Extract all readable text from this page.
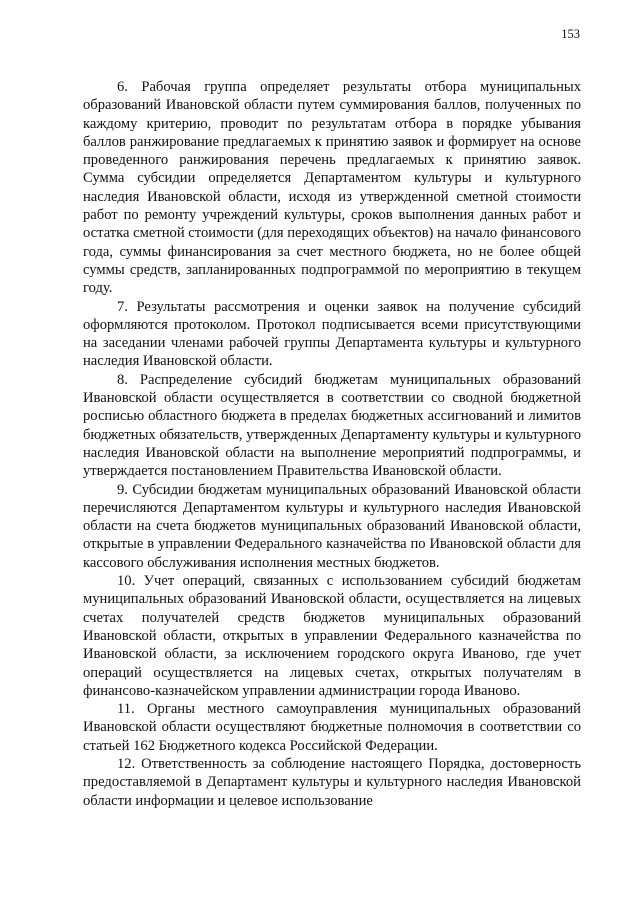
153

6. Рабочая группа определяет результаты отбора муниципальных образований Ивановской области путем суммирования баллов, полученных по каждому критерию, проводит по результатам отбора в порядке убывания баллов ранжирование предлагаемых к принятию заявок и формирует на основе проведенного ранжирования перечень предлагаемых к принятию заявок. Сумма субсидии определяется Департаментом культуры и культурного наследия Ивановской области, исходя из утвержденной сметной стоимости работ по ремонту учреждений культуры, сроков выполнения данных работ и остатка сметной стоимости (для переходящих объектов) на начало финансового года, суммы финансирования за счет местного бюджета, но не более общей суммы средств, запланированных подпрограммой по мероприятию в текущем году.

7. Результаты рассмотрения и оценки заявок на получение субсидий оформляются протоколом. Протокол подписывается всеми присутствующими на заседании членами рабочей группы Департамента культуры и культурного наследия Ивановской области.

8. Распределение субсидий бюджетам муниципальных образований Ивановской области осуществляется в соответствии со сводной бюджетной росписью областного бюджета в пределах бюджетных ассигнований и лимитов бюджетных обязательств, утвержденных Департаменту культуры и культурного наследия Ивановской области на выполнение мероприятий подпрограммы, и утверждается постановлением Правительства Ивановской области.

9. Субсидии бюджетам муниципальных образований Ивановской области перечисляются Департаментом культуры и культурного наследия Ивановской области на счета бюджетов муниципальных образований Ивановской области, открытые в управлении Федерального казначейства по Ивановской области для кассового обслуживания исполнения местных бюджетов.

10. Учет операций, связанных с использованием субсидий бюджетам муниципальных образований Ивановской области, осуществляется на лицевых счетах получателей средств бюджетов муниципальных образований Ивановской области, открытых в управлении Федерального казначейства по Ивановской области, за исключением городского округа Иваново, где учет операций осуществляется на лицевых счетах, открытых получателям в финансово-казначейском управлении администрации города Иваново.

11. Органы местного самоуправления муниципальных образований Ивановской области осуществляют бюджетные полномочия в соответствии со статьей 162 Бюджетного кодекса Российской Федерации.

12. Ответственность за соблюдение настоящего Порядка, достоверность предоставляемой в Департамент культуры и культурного наследия Ивановской области информации и целевое использование
